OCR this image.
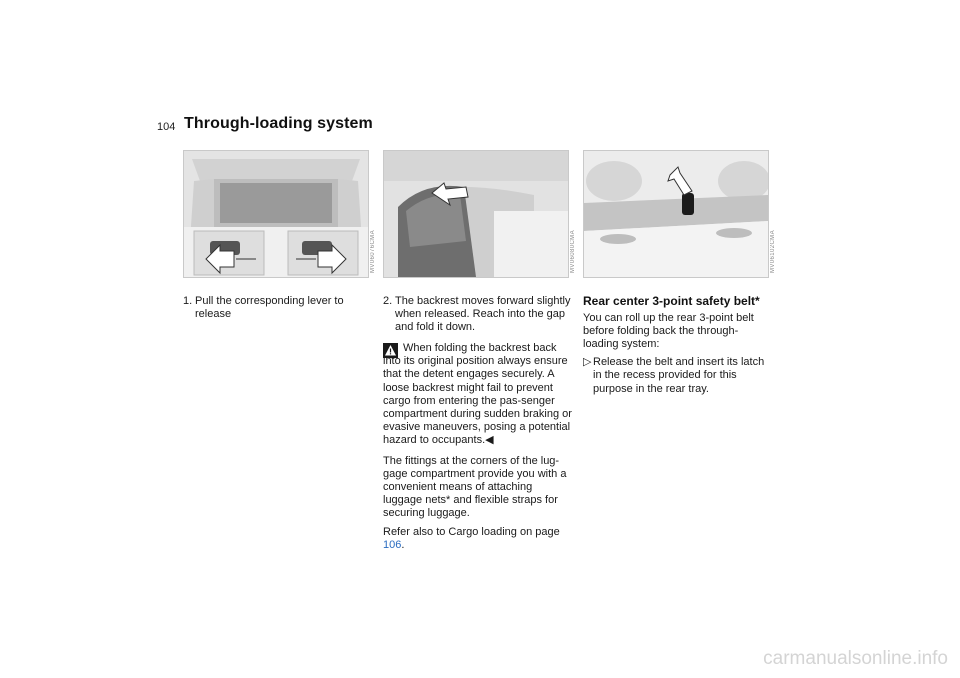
104 Through-loading system
MV06076CMA	MV06080CMA	MV06102CMA
1. Pull the corresponding lever to release
2. The backrest moves forward slightly when released. Reach into the gap and fold it down.
When folding the backrest back into its original position always ensure that the detent engages securely. A loose backrest might fail to prevent cargo from entering the pas-senger compartment during sudden braking or evasive maneuvers, posing a potential hazard to occupants.◀
The fittings at the corners of the lug-gage compartment provide you with a convenient means of attaching luggage nets* and flexible straps for securing luggage.
Refer also to Cargo loading on page 106.
Rear center 3-point safety belt*
You can roll up the rear 3-point belt before folding back the through-loading system:
▷ Release the belt and insert its latch in the recess provided for this purpose in the rear tray.
carmanualsonline.info
